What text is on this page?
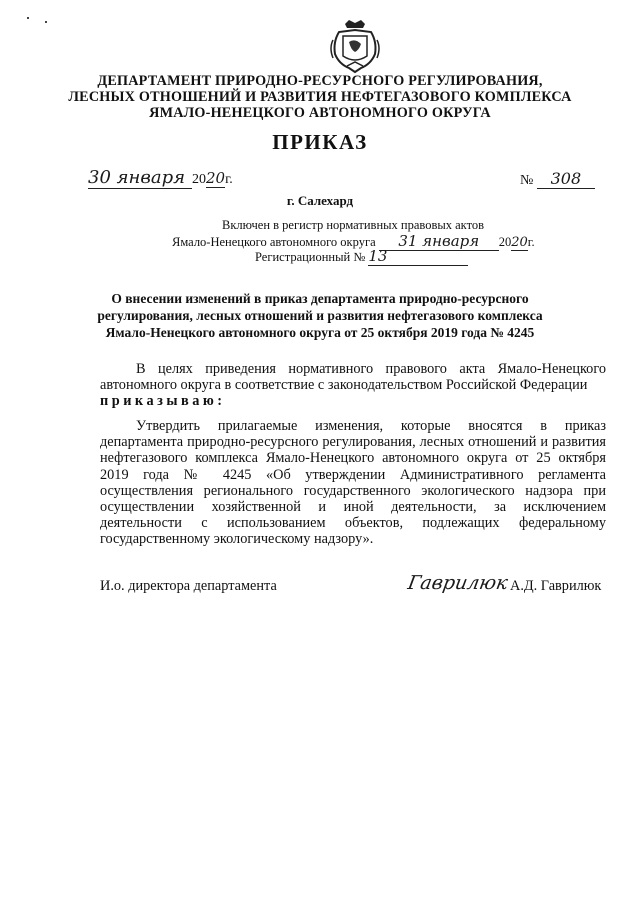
ДЕПАРТАМЕНТ ПРИРОДНО-РЕСУРСНОГО РЕГУЛИРОВАНИЯ,
ЛЕСНЫХ ОТНОШЕНИЙ И РАЗВИТИЯ НЕФТЕГАЗОВОГО КОМПЛЕКСА
ЯМАЛО-НЕНЕЦКОГО АВТОНОМНОГО ОКРУГА
ПРИКАЗ
30 января 2020г.	№ 308
г. Салехард
Включен в регистр нормативных правовых актов
Ямало-Ненецкого автономного округа 31 января 2020г.
Регистрационный № 13
О внесении изменений в приказ департамента природно-ресурсного
регулирования, лесных отношений и развития нефтегазового комплекса
Ямало-Ненецкого автономного округа от 25 октября 2019 года № 4245
В целях приведения нормативного правового акта Ямало-Ненецкого автономного округа в соответствие с законодательством Российской Федерации
приказываю:
Утвердить прилагаемые изменения, которые вносятся в приказ департамента природно-ресурсного регулирования, лесных отношений и развития нефтегазового комплекса Ямало-Ненецкого автономного округа от 25 октября 2019 года № 4245 «Об утверждении Административного регламента осуществления регионального государственного экологического надзора при осуществлении хозяйственной и иной деятельности, за исключением деятельности с использованием объектов, подлежащих федеральному государственному экологическому надзору».
И.о. директора департамента	Гаврилюк А.Д. Гаврилюк
